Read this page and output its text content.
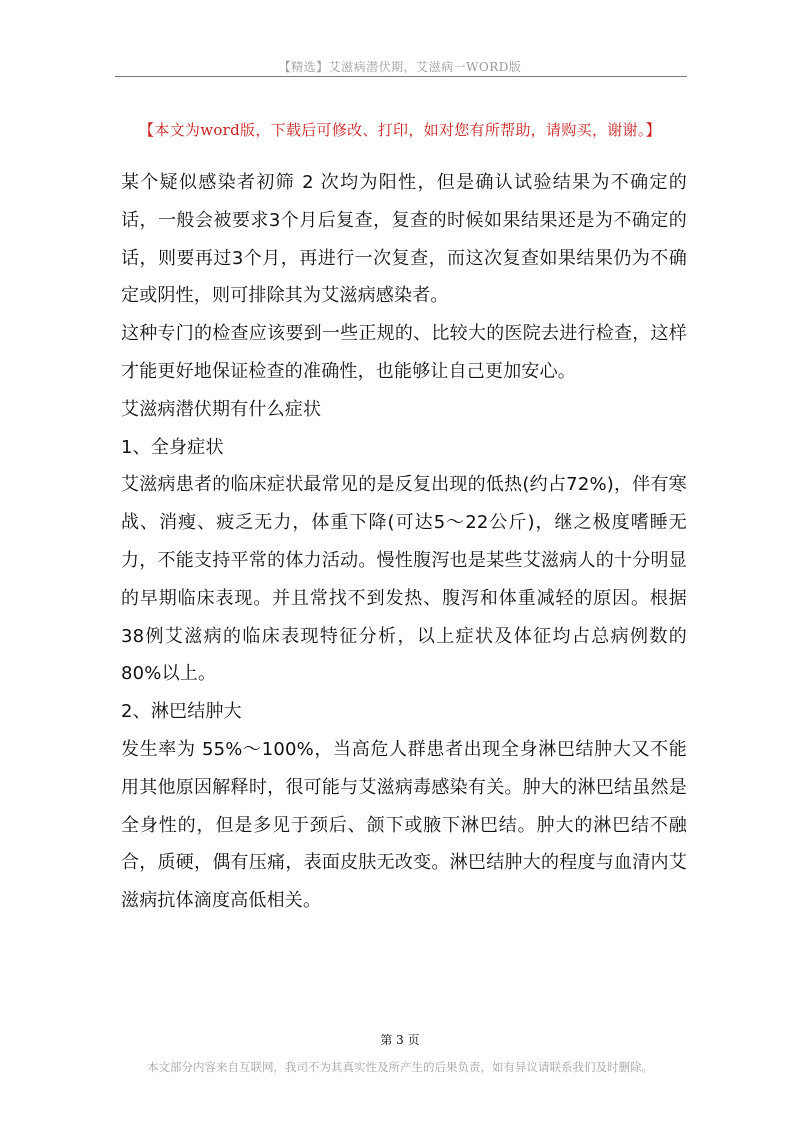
【精选】艾滋病潜伏期，艾滋病一WORD版
【本文为word版，下载后可修改、打印，如对您有所帮助，请购买，谢谢。】

某个疑似感染者初筛 2 次均为阳性，但是确认试验结果为不确定的话，一般会被要求3个月后复查，复查的时候如果结果还是为不确定的话，则要再过3个月，再进行一次复查，而这次复查如果结果仍为不确定或阴性，则可排除其为艾滋病感染者。

这种专门的检查应该要到一些正规的、比较大的医院去进行检查，这样才能更好地保证检查的准确性，也能够让自己更加安心。

艾滋病潜伏期有什么症状

1、全身症状

艾滋病患者的临床症状最常见的是反复出现的低热(约占72%)，伴有寒战、消瘦、疲乏无力，体重下降(可达5～22公斤)，继之极度嗜睡无力，不能支持平常的体力活动。慢性腹泻也是某些艾滋病人的十分明显的早期临床表现。并且常找不到发热、腹泻和体重减轻的原因。根据38例艾滋病的临床表现特征分析，以上症状及体征均占总病例数的80%以上。

2、淋巴结肿大

发生率为 55%～100%，当高危人群患者出现全身淋巴结肿大又不能用其他原因解释时，很可能与艾滋病毒感染有关。肿大的淋巴结虽然是全身性的，但是多见于颈后、颌下或腋下淋巴结。肿大的淋巴结不融合，质硬，偶有压痛，表面皮肤无改变。淋巴结肿大的程度与血清内艾滋病抗体滴度高低相关。

第 3 页
本文部分内容来自互联网，我司不为其真实性及所产生的后果负责，如有异议请联系我们及时删除。
